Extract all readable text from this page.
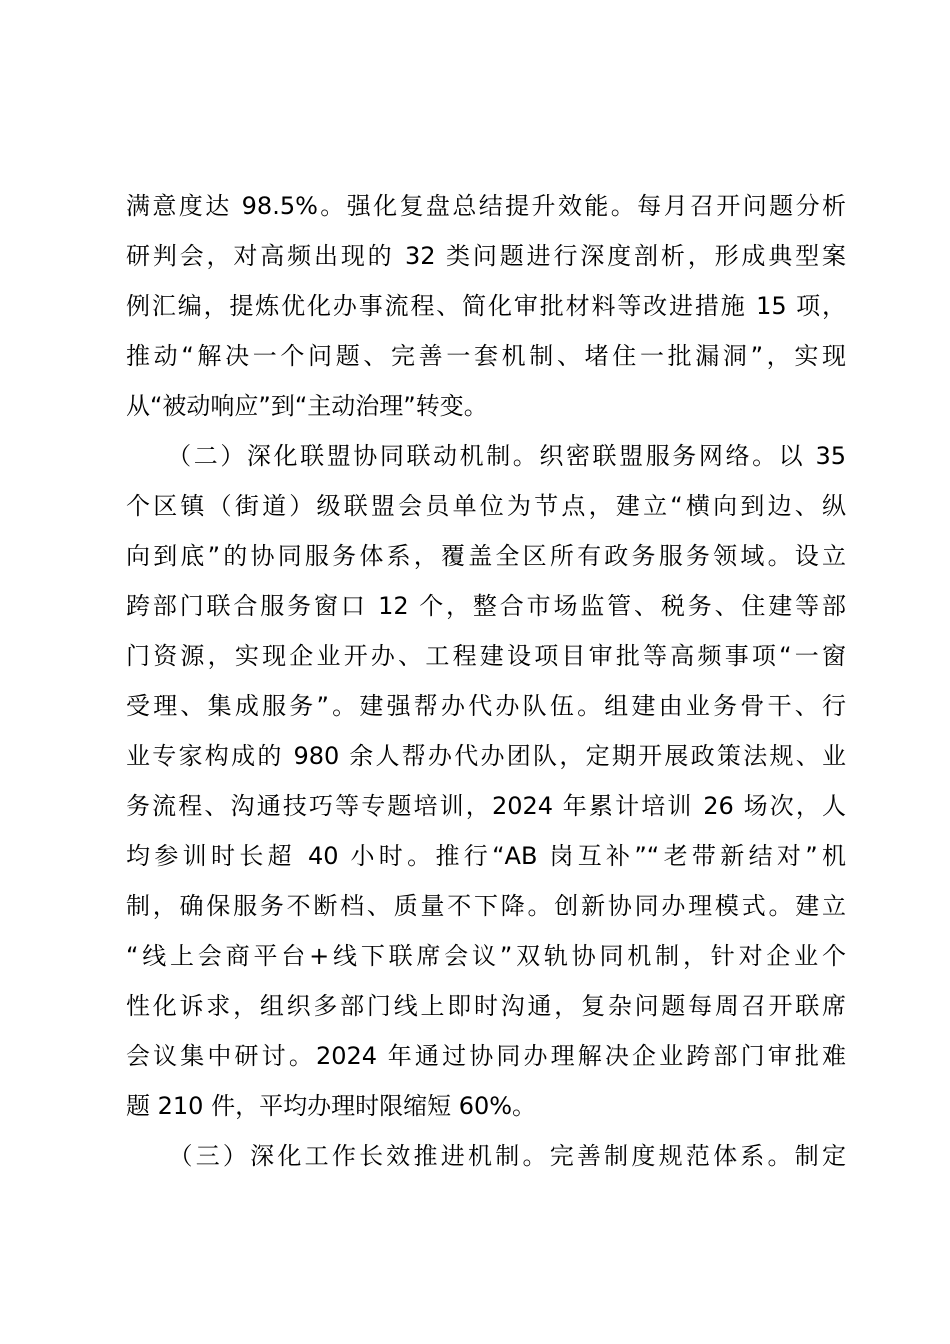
满意度达 98.5%。强化复盘总结提升效能。每月召开问题分析
研判会，对高频出现的 32 类问题进行深度剖析，形成典型案
例汇编，提炼优化办事流程、简化审批材料等改进措施 15 项，
推动“解决一个问题、完善一套机制、堵住一批漏洞”，实现
从“被动响应”到“主动治理”转变。
　　（二）深化联盟协同联动机制。织密联盟服务网络。以 35
个区镇（街道）级联盟会员单位为节点，建立“横向到边、纵
向到底”的协同服务体系，覆盖全区所有政务服务领域。设立
跨部门联合服务窗口 12 个，整合市场监管、税务、住建等部
门资源，实现企业开办、工程建设项目审批等高频事项“一窗
受理、集成服务”。建强帮办代办队伍。组建由业务骨干、行
业专家构成的 980 余人帮办代办团队，定期开展政策法规、业
务流程、沟通技巧等专题培训，2024 年累计培训 26 场次，人
均参训时长超 40 小时。推行“AB 岗互补”“老带新结对”机
制，确保服务不断档、质量不下降。创新协同办理模式。建立
“线上会商平台+线下联席会议”双轨协同机制，针对企业个
性化诉求，组织多部门线上即时沟通，复杂问题每周召开联席
会议集中研讨。2024 年通过协同办理解决企业跨部门审批难
题 210 件，平均办理时限缩短 60%。
　　（三）深化工作长效推进机制。完善制度规范体系。制定
